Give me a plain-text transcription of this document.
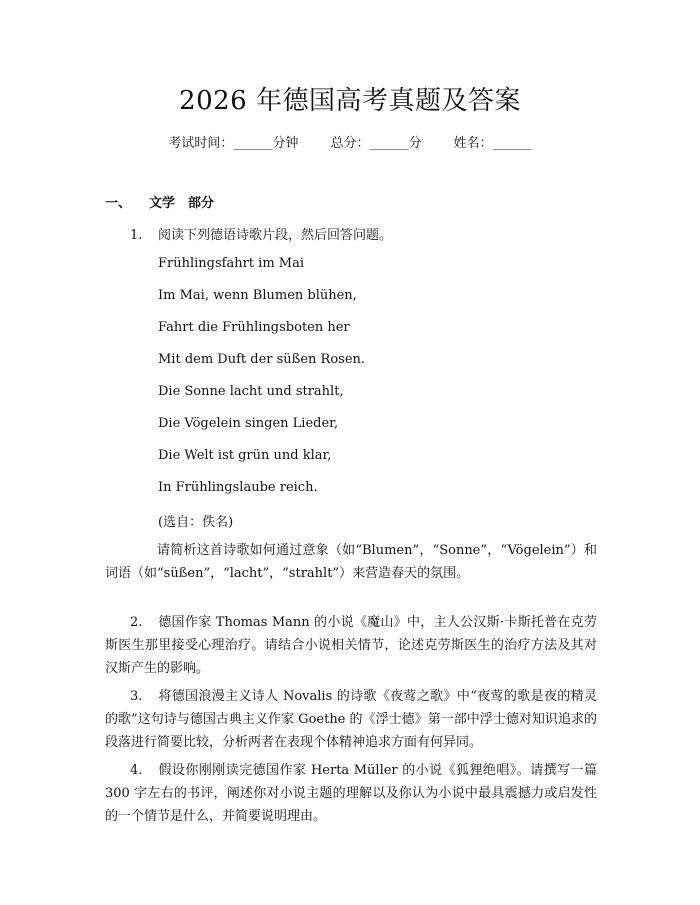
2026 年德国高考真题及答案
考试时间：______分钟 总分：______分 姓名：______
一、 文学　部分
1. 阅读下列德语诗歌片段，然后回答问题。
Frühlingsfahrt im Mai
Im Mai, wenn Blumen blühen,
Fahrt die Frühlingsboten her
Mit dem Duft der süßen Rosen.
Die Sonne lacht und strahlt,
Die Vögelein singen Lieder,
Die Welt ist grün und klar,
In Frühlingslaube reich.
(选自：佚名)
请简析这首诗歌如何通过意象（如“Blumen”，“Sonne”，“Vögelein”）和词语（如“süßen”，“lacht”，“strahlt”）来营造春天的氛围。
2. 德国作家 Thomas Mann 的小说《魔山》中，主人公汉斯·卡斯托普在克劳斯医生那里接受心理治疗。请结合小说相关情节，论述克劳斯医生的治疗方法及其对汉斯产生的影响。
3. 将德国浪漫主义诗人 Novalis 的诗歌《夜莺之歌》中“夜莺的歌是夜的精灵的歌”这句诗与德国古典主义作家 Goethe 的《浮士德》第一部中浮士德对知识追求的段落进行简要比较，分析两者在表现个体精神追求方面有何异同。
4. 假设你刚刚读完德国作家 Herta Müller 的小说《狐狸绝唱》。请撰写一篇 300 字左右的书评，阐述你对小说主题的理解以及你认为小说中最具震撼力或启发性的一个情节是什么，并简要说明理由。
